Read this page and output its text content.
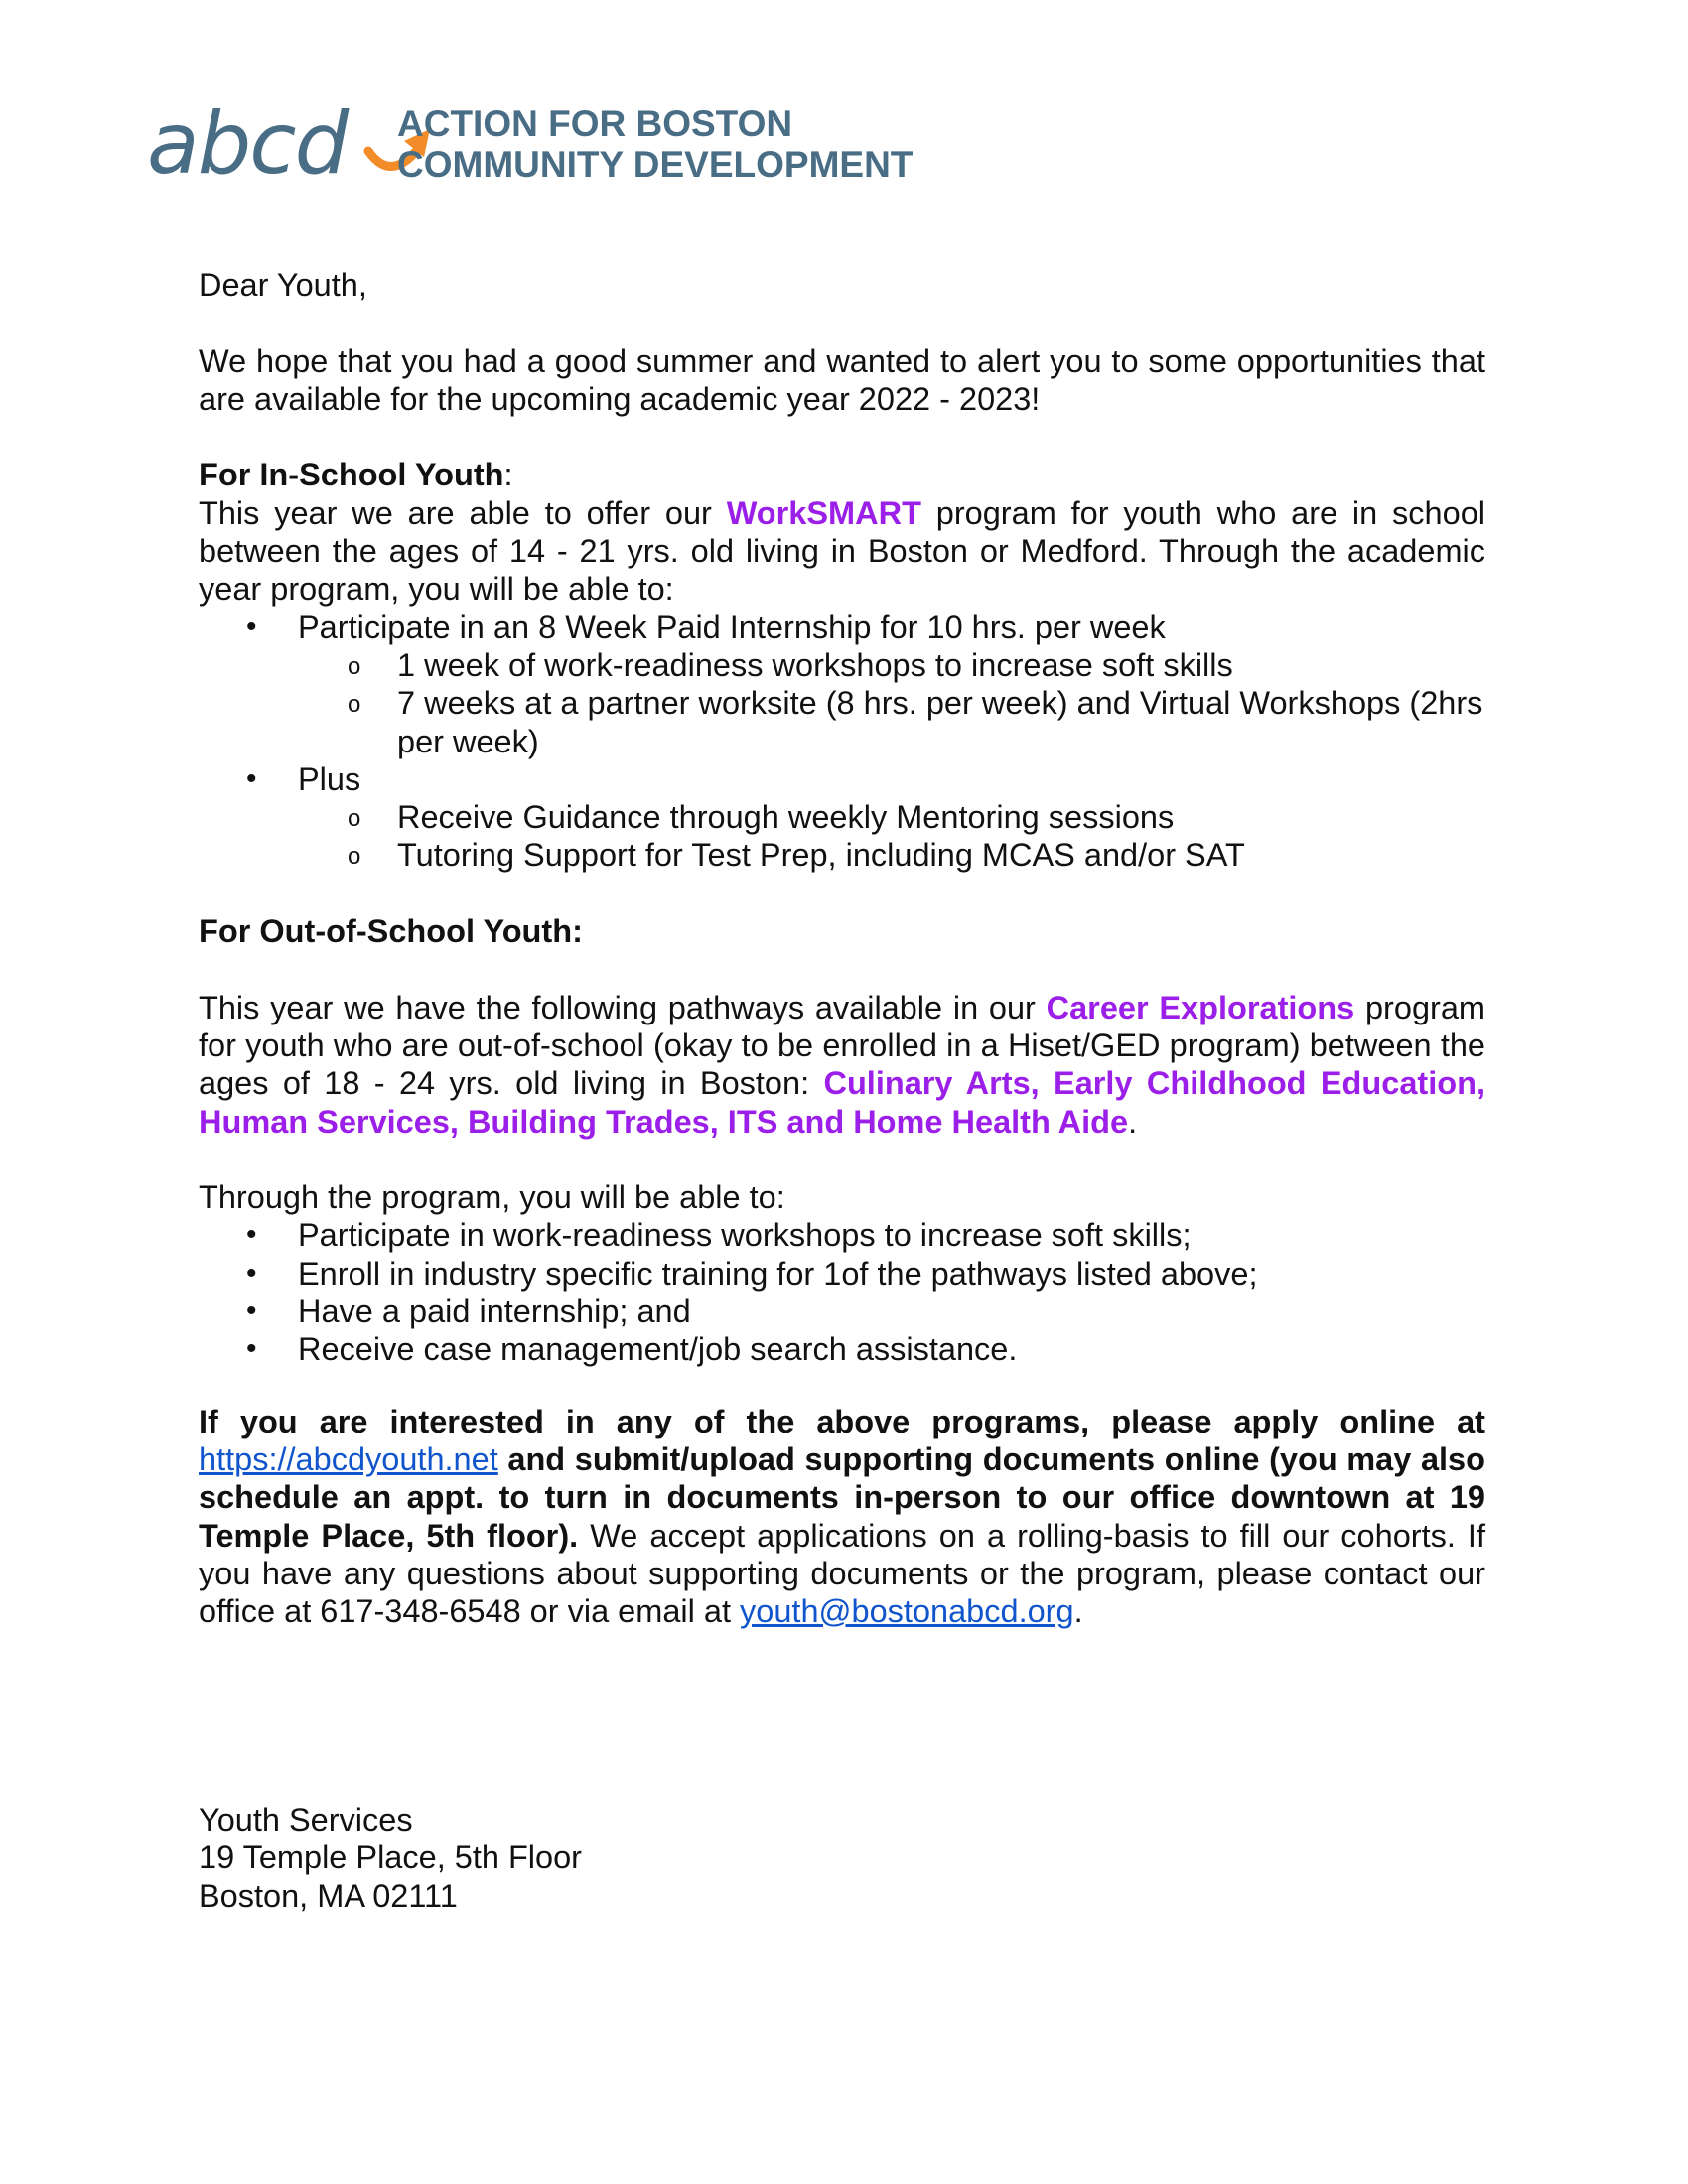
abcd ACTION FOR BOSTON
COMMUNITY DEVELOPMENT

Dear Youth,

We hope that you had a good summer and wanted to alert you to some opportunities that are available for the upcoming academic year 2022 - 2023!

For In-School Youth:

This year we are able to offer our WorkSMART program for youth who are in school between the ages of 14 - 21 yrs. old living in Boston or Medford. Through the academic year program, you will be able to:

• Participate in an 8 Week Paid Internship for 10 hrs. per week
o 1 week of work-readiness workshops to increase soft skills
o 7 weeks at a partner worksite (8 hrs. per week) and Virtual Workshops (2hrs per week)
• Plus
o Receive Guidance through weekly Mentoring sessions
o Tutoring Support for Test Prep, including MCAS and/or SAT

For Out-of-School Youth:

This year we have the following pathways available in our Career Explorations program for youth who are out-of-school (okay to be enrolled in a Hiset/GED program) between the ages of 18 - 24 yrs. old living in Boston: Culinary Arts, Early Childhood Education, Human Services, Building Trades, ITS and Home Health Aide.

Through the program, you will be able to:

• Participate in work-readiness workshops to increase soft skills;
• Enroll in industry specific training for 1of the pathways listed above;
• Have a paid internship; and
• Receive case management/job search assistance.

If you are interested in any of the above programs, please apply online at https://abcdyouth.net and submit/upload supporting documents online (you may also schedule an appt. to turn in documents in-person to our office downtown at 19 Temple Place, 5th floor). We accept applications on a rolling-basis to fill our cohorts. If you have any questions about supporting documents or the program, please contact our office at 617-348-6548 or via email at youth@bostonabcd.org.

Youth Services
19 Temple Place, 5th Floor
Boston, MA 02111
